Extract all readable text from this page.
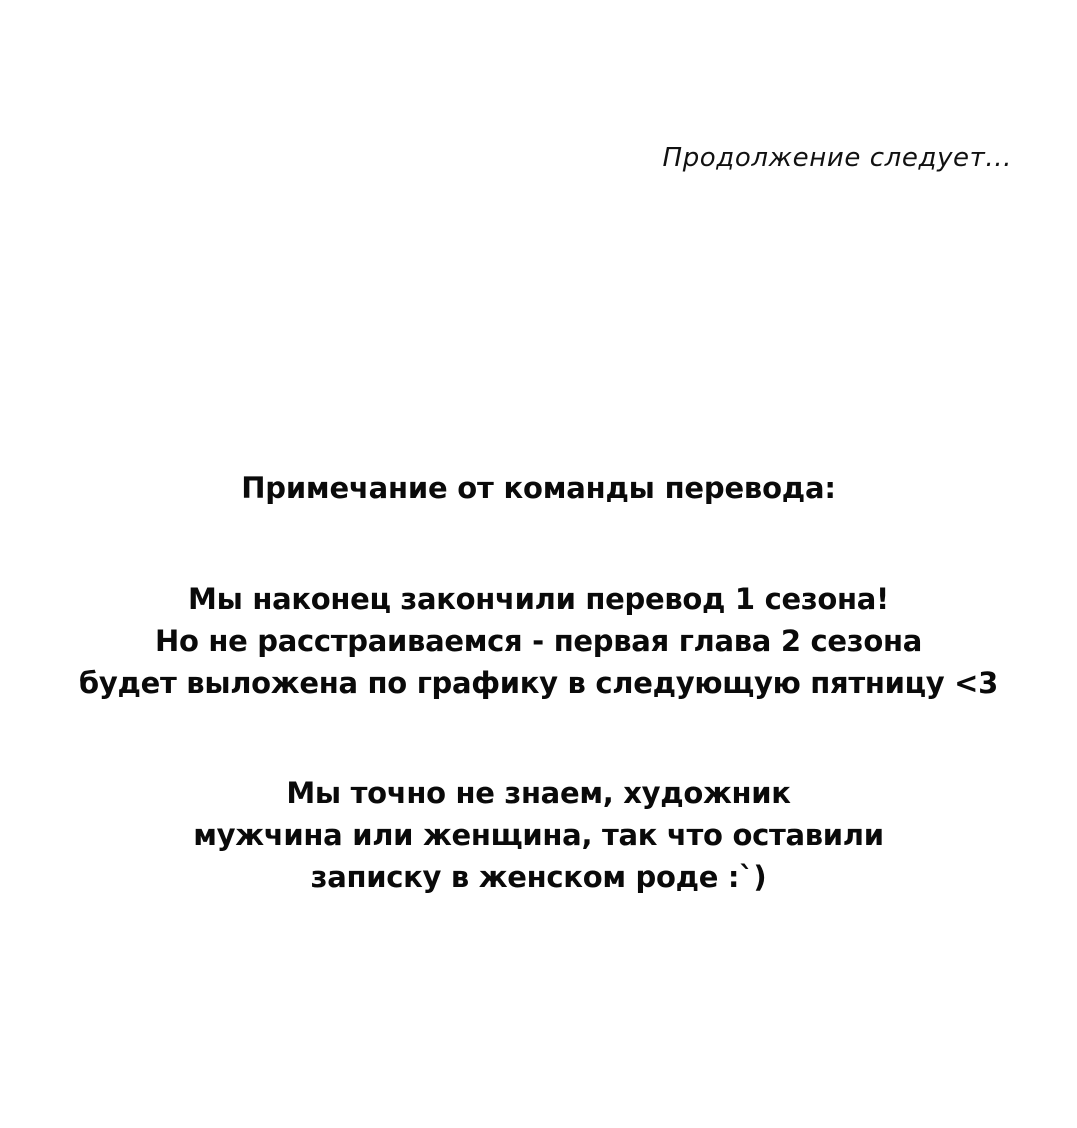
Продолжение следует...

Примечание от команды перевода:

Мы наконец закончили перевод 1 сезона!
Но не расстраиваемся - первая глава 2 сезона
будет выложена по графику в следующую пятницу <3

Мы точно не знаем, художник
мужчина или женщина, так что оставили
записку в женском роде :`)
